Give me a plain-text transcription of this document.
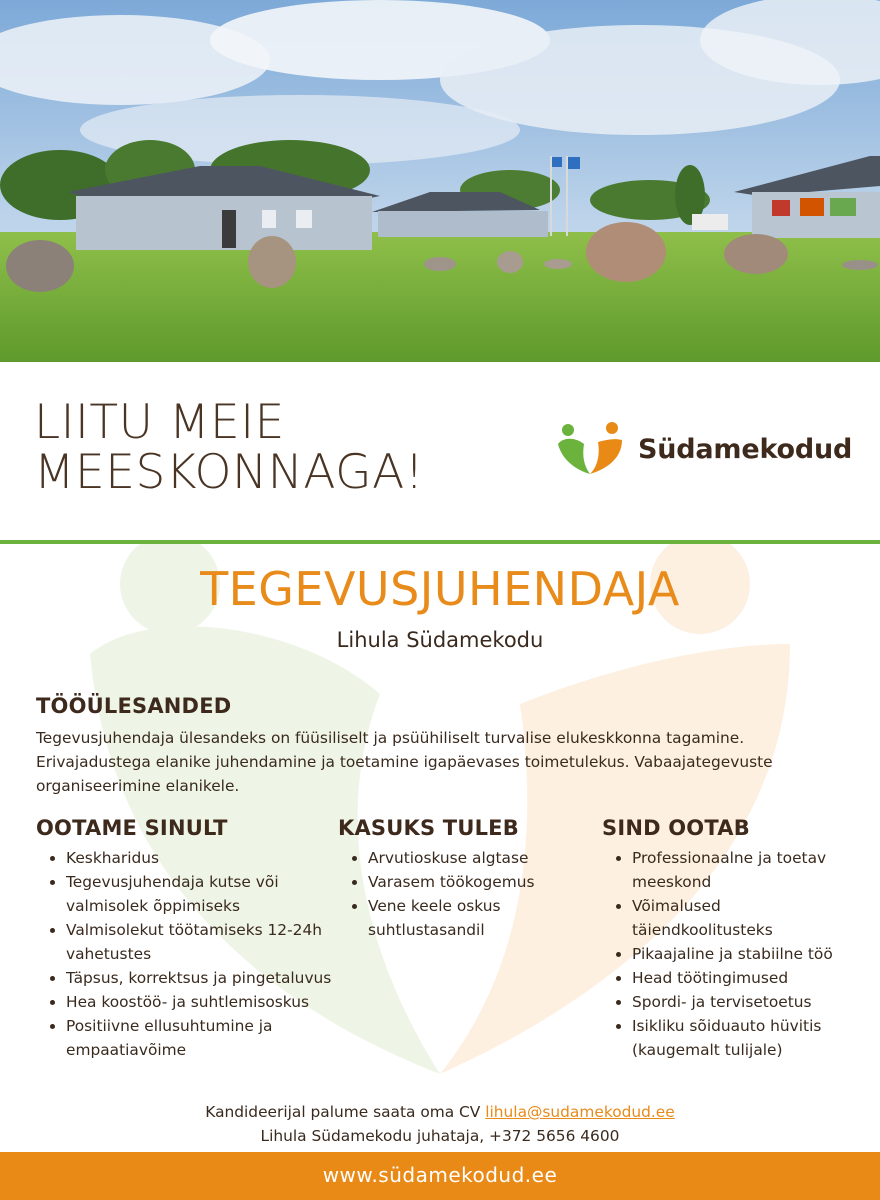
LIITU MEIE
MEESKONNAGA!	Südamekodud
TEGEVUSJUHENDAJA
Lihula Südamekodu
TÖÖÜLESANDED
Tegevusjuhendaja ülesandeks on füüsiliselt ja psüühiliselt turvalise elukeskkonna tagamine. Erivajadustega elanike juhendamine ja toetamine igapäevases toimetulekus. Vabaajategevuste organiseerimine elanikele.
OOTAME SINULT
• Keskharidus
• Tegevusjuhendaja kutse või valmisolek õppimiseks
• Valmisolekut töötamiseks 12-24h vahetustes
• Täpsus, korrektsus ja pingetaluvus
• Hea koostöö- ja suhtlemisoskus
• Positiivne ellusuhtumine ja empaatiavõime
KASUKS TULEB
• Arvutioskuse algtase
• Varasem töökogemus
• Vene keele oskus suhtlustasandil
SIND OOTAB
• Professionaalne ja toetav meeskond
• Võimalused täiendkoolitusteks
• Pikaajaline ja stabiilne töö
• Head töötingimused
• Spordi- ja tervisetoetus
• Isikliku sõiduauto hüvitis (kaugemalt tulijale)
Kandideerijal palume saata oma CV lihula@sudamekodud.ee
Lihula Südamekodu juhataja, +372 5656 4600
www.südamekodud.ee
